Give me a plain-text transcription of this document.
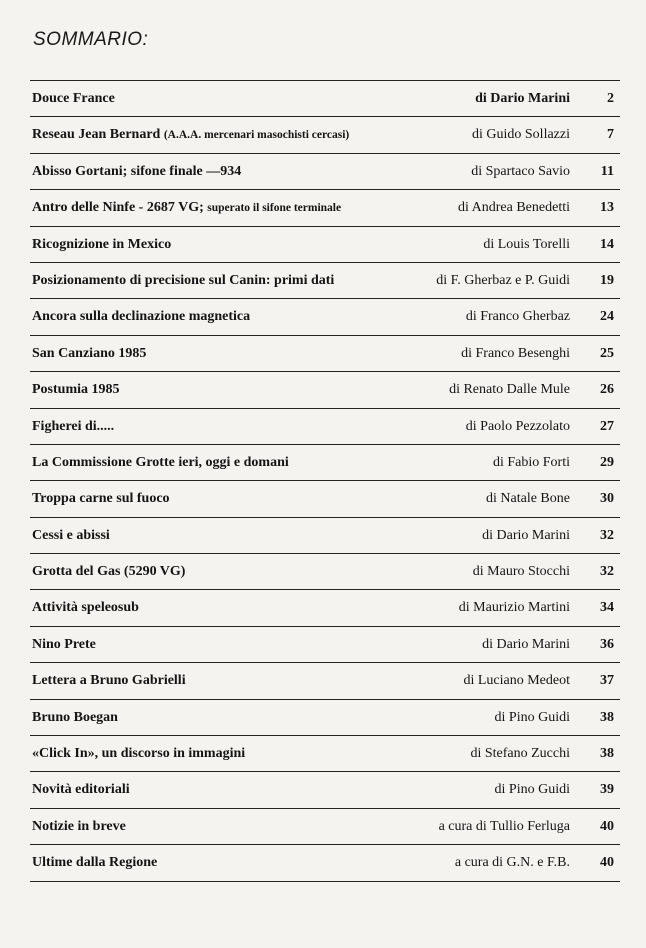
SOMMARIO:
Douce France	di Dario Marini	2
Reseau Jean Bernard (A.A.A. mercenari masochisti cercasi)	di Guido Sollazzi	7
Abisso Gortani; sifone finale —934	di Spartaco Savio 11
Antro delle Ninfe - 2687 VG; superato il sifone terminale	di Andrea Benedetti 13
Ricognizione in Mexico	di Louis Torelli 14
Posizionamento di precisione sul Canin: primi dati	di F. Gherbaz e P. Guidi 19
Ancora sulla declinazione magnetica	di Franco Gherbaz 24
San Canziano 1985	di Franco Besenghi 25
Postumia 1985	di Renato Dalle Mule 26
Figherei di.....	di Paolo Pezzolato 27
La Commissione Grotte ieri, oggi e domani	di Fabio Forti 29
Troppa carne sul fuoco	di Natale Bone 30
Cessi e abissi	di Dario Marini 32
Grotta del Gas (5290 VG)	di Mauro Stocchi 32
Attività speleosub	di Maurizio Martini 34
Nino Prete	di Dario Marini 36
Lettera a Bruno Gabrielli	di Luciano Medeot 37
Bruno Boegan	di Pino Guidi 38
«Click In», un discorso in immagini	di Stefano Zucchi 38
Novità editoriali	di Pino Guidi 39
Notizie in breve	a cura di Tullio Ferluga 40
Ultime dalla Regione	a cura di G.N. e F.B. 40
